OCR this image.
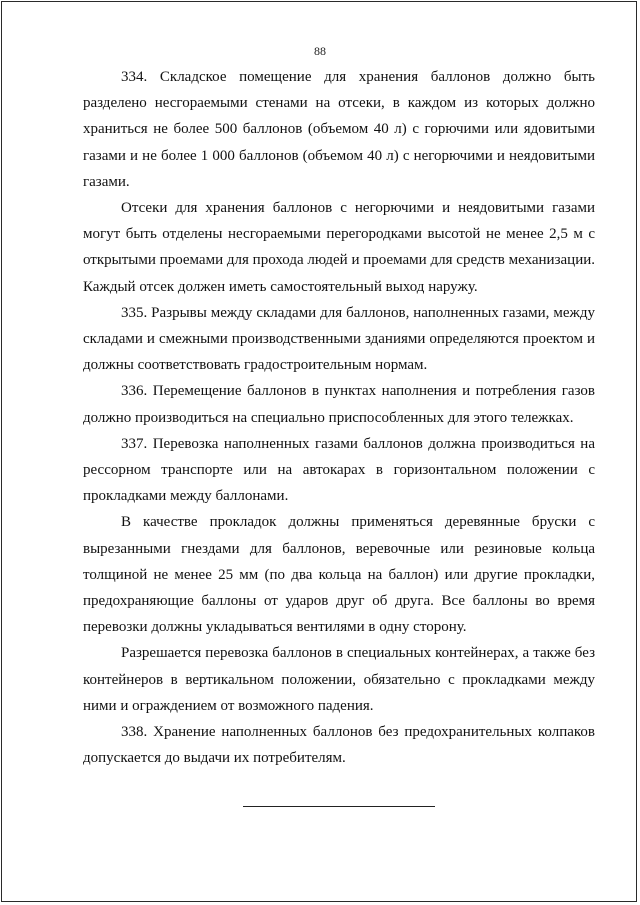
88

334. Складское помещение для хранения баллонов должно быть разделено несгораемыми стенами на отсеки, в каждом из которых должно храниться не более 500 баллонов (объемом 40 л) с горючими или ядовитыми газами и не более 1 000 баллонов (объемом 40 л) с негорючими и неядовитыми газами.

Отсеки для хранения баллонов с негорючими и неядовитыми газами могут быть отделены несгораемыми перегородками высотой не менее 2,5 м с открытыми проемами для прохода людей и проемами для средств механизации. Каждый отсек должен иметь самостоятельный выход наружу.

335. Разрывы между складами для баллонов, наполненных газами, между складами и смежными производственными зданиями определяются проектом и должны соответствовать градостроительным нормам.

336. Перемещение баллонов в пунктах наполнения и потребления газов должно производиться на специально приспособленных для этого тележках.

337. Перевозка наполненных газами баллонов должна производиться на рессорном транспорте или на автокарах в горизонтальном положении с прокладками между баллонами.

В качестве прокладок должны применяться деревянные бруски с вырезанными гнездами для баллонов, веревочные или резиновые кольца толщиной не менее 25 мм (по два кольца на баллон) или другие прокладки, предохраняющие баллоны от ударов друг об друга. Все баллоны во время перевозки должны укладываться вентилями в одну сторону.

Разрешается перевозка баллонов в специальных контейнерах, а также без контейнеров в вертикальном положении, обязательно с прокладками между ними и ограждением от возможного падения.

338. Хранение наполненных баллонов без предохранительных колпаков допускается до выдачи их потребителям.
